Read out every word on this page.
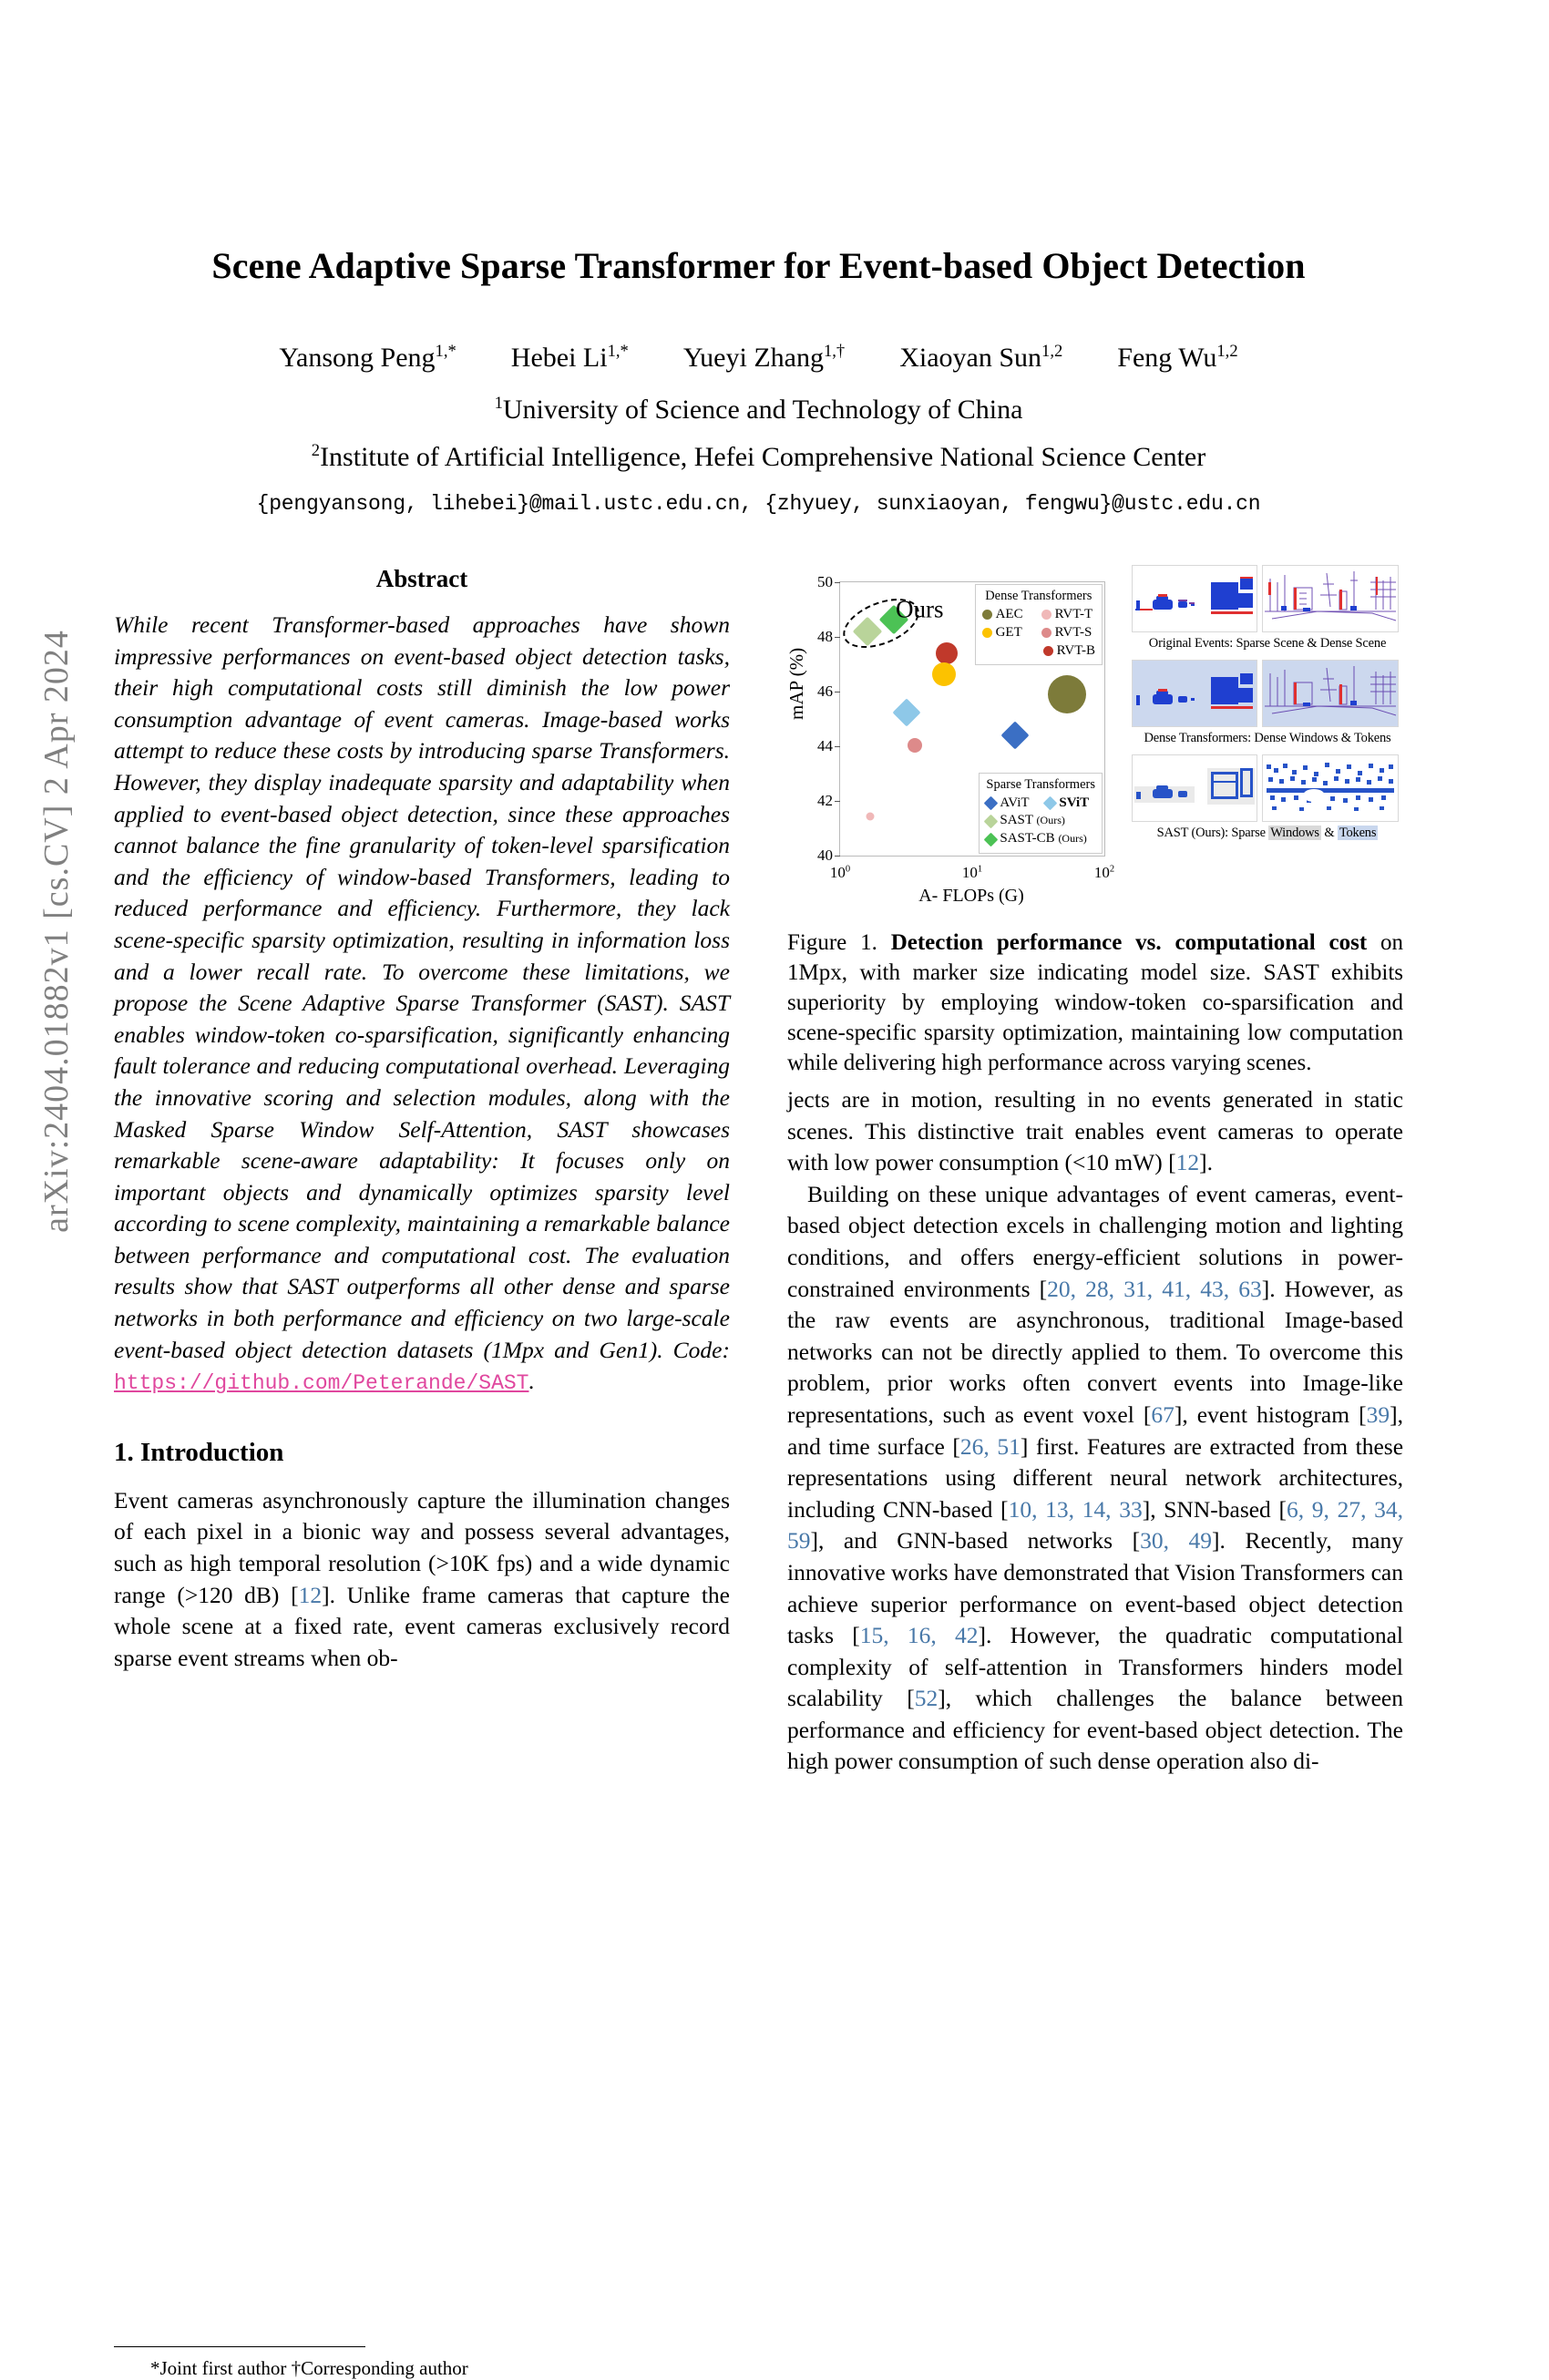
arXiv:2404.01882v1 [cs.CV] 2 Apr 2024
Scene Adaptive Sparse Transformer for Event-based Object Detection
Yansong Peng$^{1,*}$ Hebei $Li^{1,*}$ Yueyi Zhang$^{1,\dagger}$ Xiaoyan Sun$^{1,2}$ Feng Wu$^{1,2}$
$^1$University of Science and Technology of China
$^2$Institute of Artificial Intelligence, Hefei Comprehensive National Science Center
{pengyansong, lihebei}@mail.ustc.edu.cn, {zhyuey, sunxiaoyan, fengwu}@ustc.edu.cn
Abstract

While recent Transformer-based approaches have shown impressive performances on event-based object detection tasks, their high computational costs still diminish the low power consumption advantage of event cameras. Image-based works attempt to reduce these costs by introducing sparse Transformers. However, they display inadequate sparsity and adaptability when applied to event-based object detection, since these approaches cannot balance the fine granularity of token-level sparsification and the efficiency of window-based Transformers, leading to reduced performance and efficiency. Furthermore, they lack scene-specific sparsity optimization, resulting in information loss and a lower recall rate. To overcome these limitations, we propose the Scene Adaptive Sparse Transformer (SAST). SAST enables window-token co-sparsification, significantly enhancing fault tolerance and reducing computational overhead. Leveraging the innovative scoring and selection modules, along with the Masked Sparse Window Self-Attention, SAST showcases remarkable scene-aware adaptability: It focuses only on important objects and dynamically optimizes sparsity level according to scene complexity, maintaining a remarkable balance between performance and computational cost. The evaluation results show that SAST outperforms all other dense and sparse networks in both performance and efficiency on two large-scale event-based object detection datasets (1Mpx and Gen1). Code: https://github.com/Peterande/SAST.

1. Introduction

Event cameras asynchronously capture the illumination changes of each pixel in a bionic way and possess several advantages, such as high temporal resolution (>10K fps) and a wide dynamic range (>120 dB) [12]. Unlike frame cameras that capture the whole scene at a fixed rate, event cameras exclusively record sparse event streams when ob-

*Joint first author †Corresponding author
mAP (%)
A- FLOPs (G)
40
42
44
46
48
50
$10^0$	$10^1$	$10^2$
Ours	Dense Transformers
AEC	RVT-T
GET	RVT-S
RVT-B
Sparse Transformers
AViT	SViT
SAST (Ours)
SAST-CB (Ours)
Original Events: Sparse Scene & Dense Scene
Dense Transformers: Dense Windows & Tokens
SAST (Ours): Sparse Windows & Tokens
Figure 1. Detection performance vs. computational cost on 1Mpx, with marker size indicating model size. SAST exhibits superiority by employing window-token co-sparsification and scene-specific sparsity optimization, maintaining low computation while delivering high performance across varying scenes.

jects are in motion, resulting in no events generated in static scenes. This distinctive trait enables event cameras to operate with low power consumption (<10 mW) [12].

Building on these unique advantages of event cameras, event-based object detection excels in challenging motion and lighting conditions, and offers energy-efficient solutions in power-constrained environments [20, 28, 31, 41, 43, 63]. However, as the raw events are asynchronous, traditional Image-based networks can not be directly applied to them. To overcome this problem, prior works often convert events into Image-like representations, such as event voxel [67], event histogram [39], and time surface [26, 51] first. Features are extracted from these representations using different neural network architectures, including CNN-based [10, 13, 14, 33], SNN-based [6, 9, 27, 34, 59], and GNN-based networks [30, 49]. Recently, many innovative works have demonstrated that Vision Transformers can achieve superior performance on event-based object detection tasks [15, 16, 42]. However, the quadratic computational complexity of self-attention in Transformers hinders model scalability [52], which challenges the balance between performance and efficiency for event-based object detection. The high power consumption of such dense operation also di-
